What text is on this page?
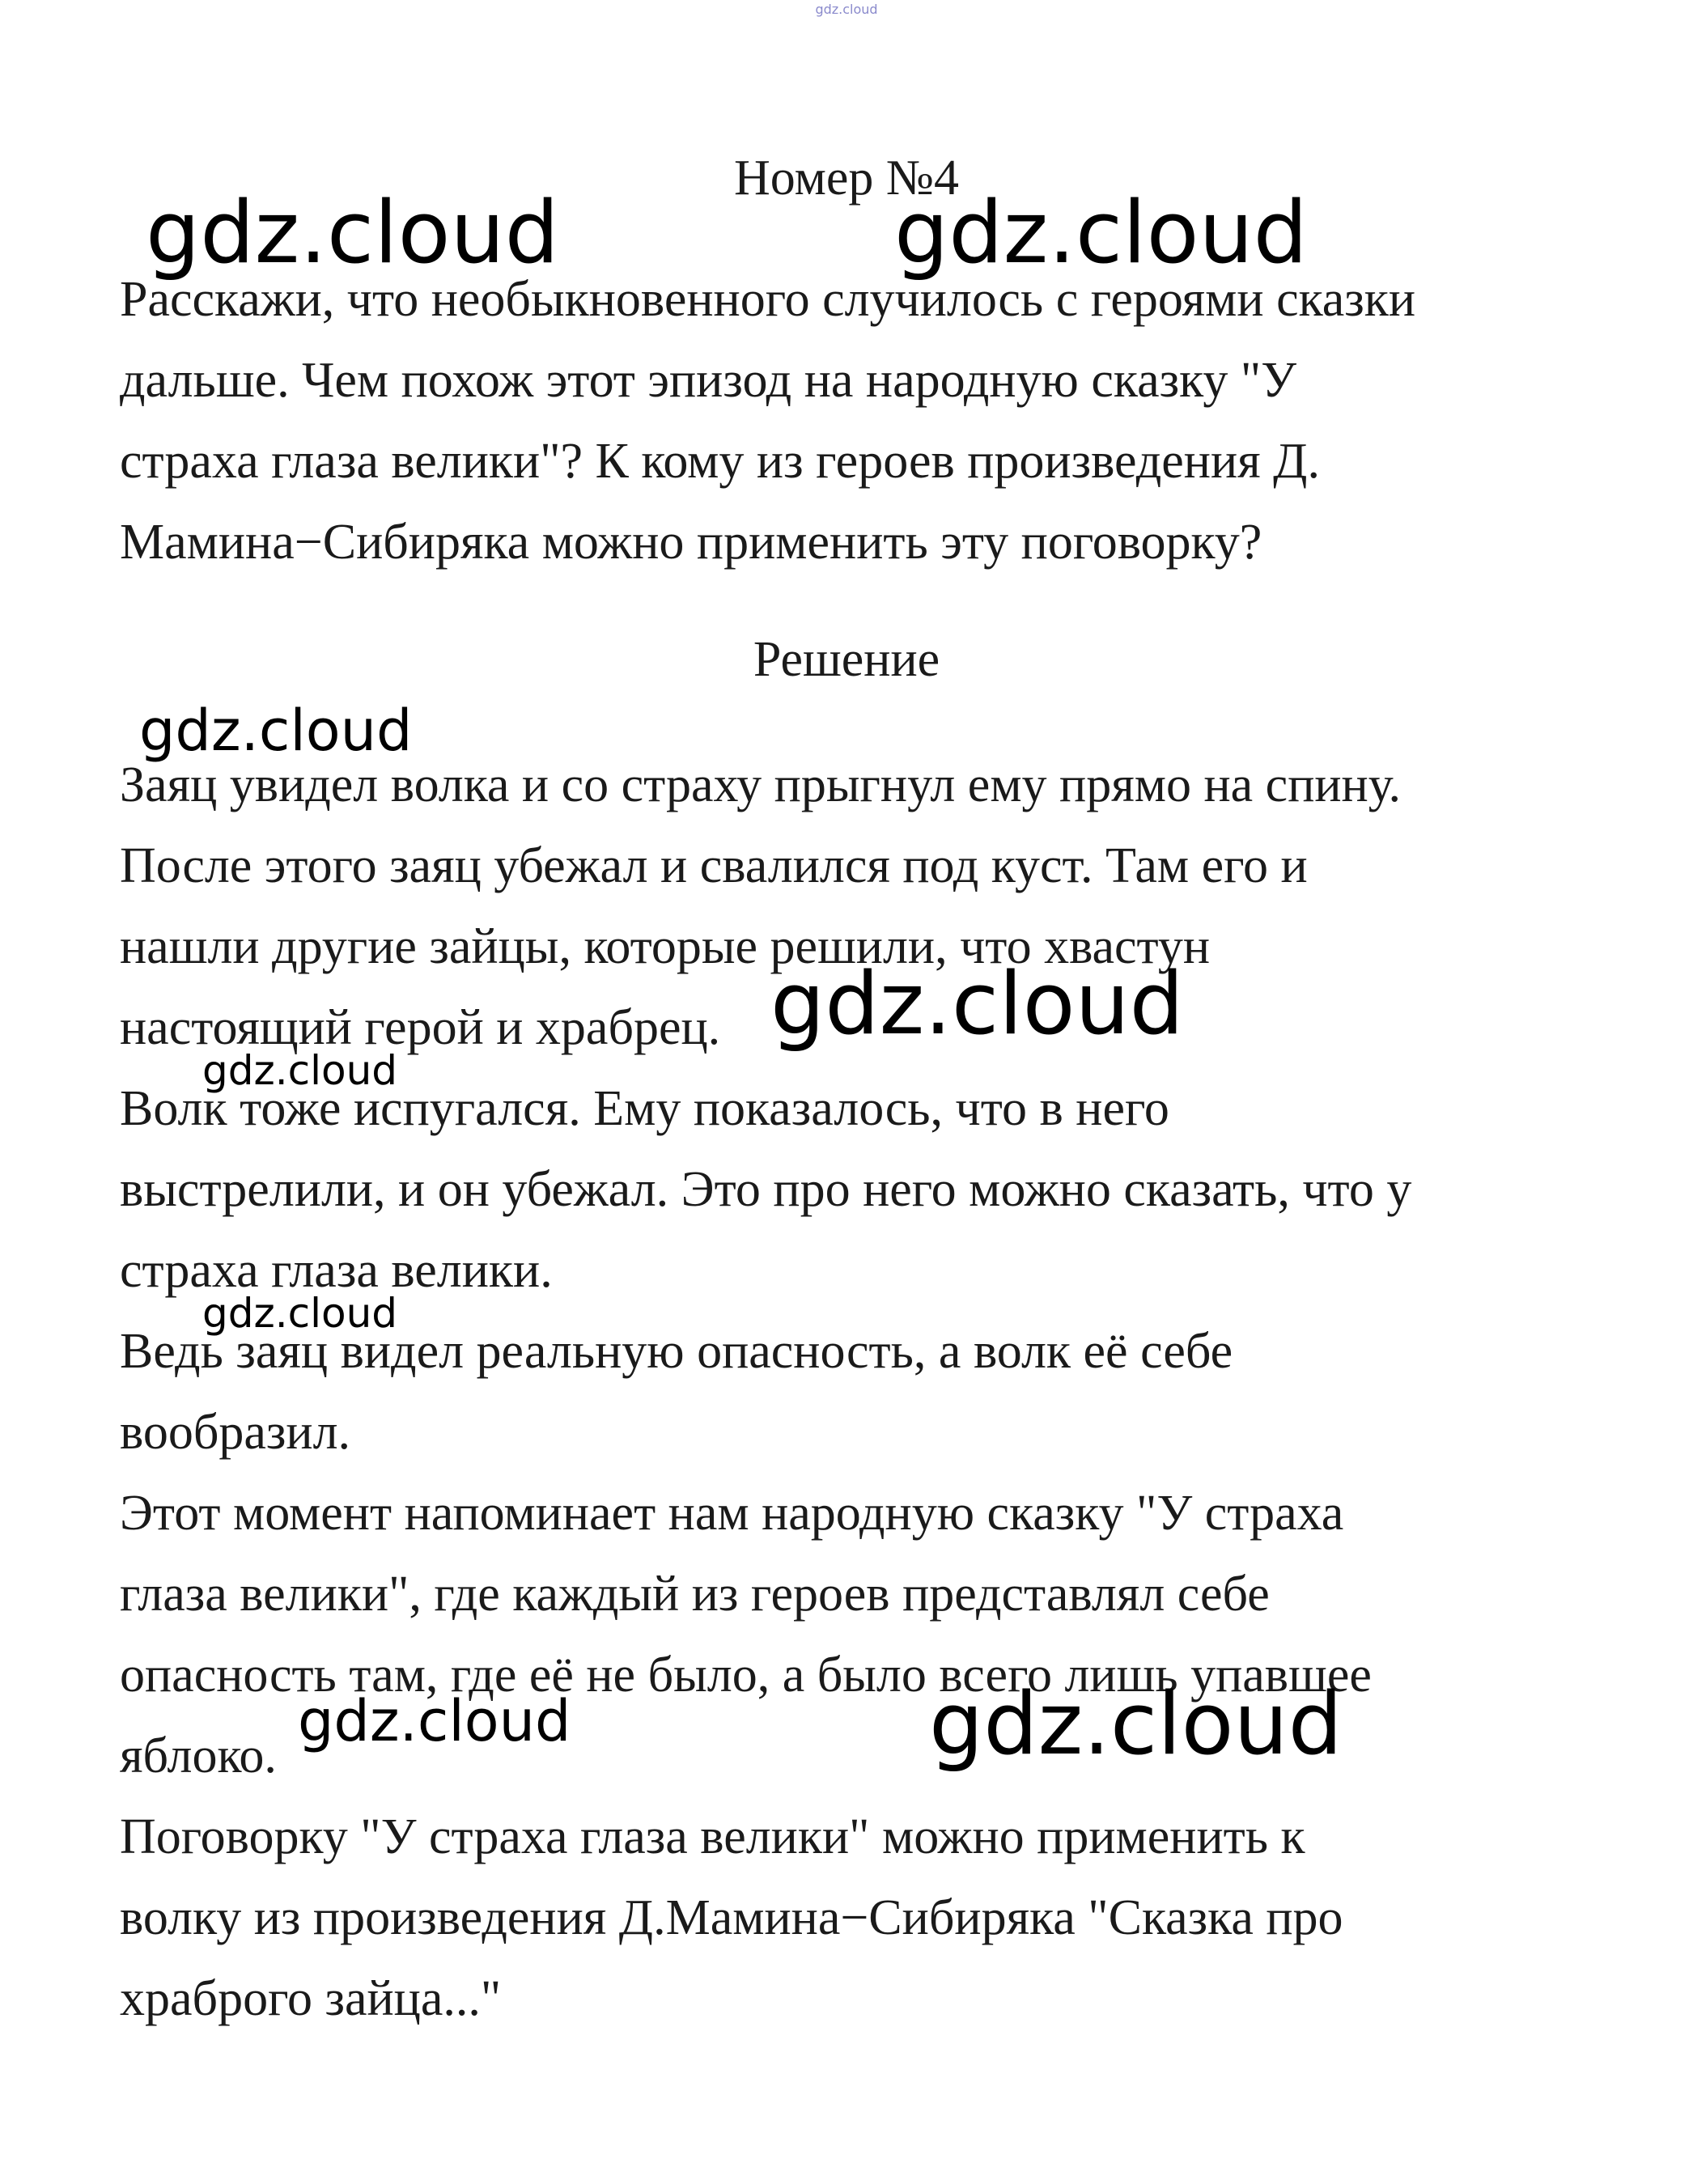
gdz.cloud
Номер №4
Расскажи, что необыкновенного случилось с героями сказки
дальше. Чем похож этот эпизод на народную сказку "У
страха глаза велики"? К кому из героев произведения Д.
Мамина−Сибиряка можно применить эту поговорку?
Решение
Заяц увидел волка и со страху прыгнул ему прямо на спину.
После этого заяц убежал и свалился под куст. Там его и
нашли другие зайцы, которые решили, что хвастун
настоящий герой и храбрец.
Волк тоже испугался. Ему показалось, что в него
выстрелили, и он убежал. Это про него можно сказать, что у
страха глаза велики.
Ведь заяц видел реальную опасность, а волк её себе
вообразил.
Этот момент напоминает нам народную сказку "У страха
глаза велики", где каждый из героев представлял себе
опасность там, где её не было, а было всего лишь упавшее
яблоко.
Поговорку "У страха глаза велики" можно применить к
волку из произведения Д.Мамина−Сибиряка "Сказка про
храброго зайца..."
gdz.cloud	gdz.cloud
gdz.cloud
gdz.cloud
gdz.cloud
gdz.cloud
gdz.cloud	gdz.cloud
